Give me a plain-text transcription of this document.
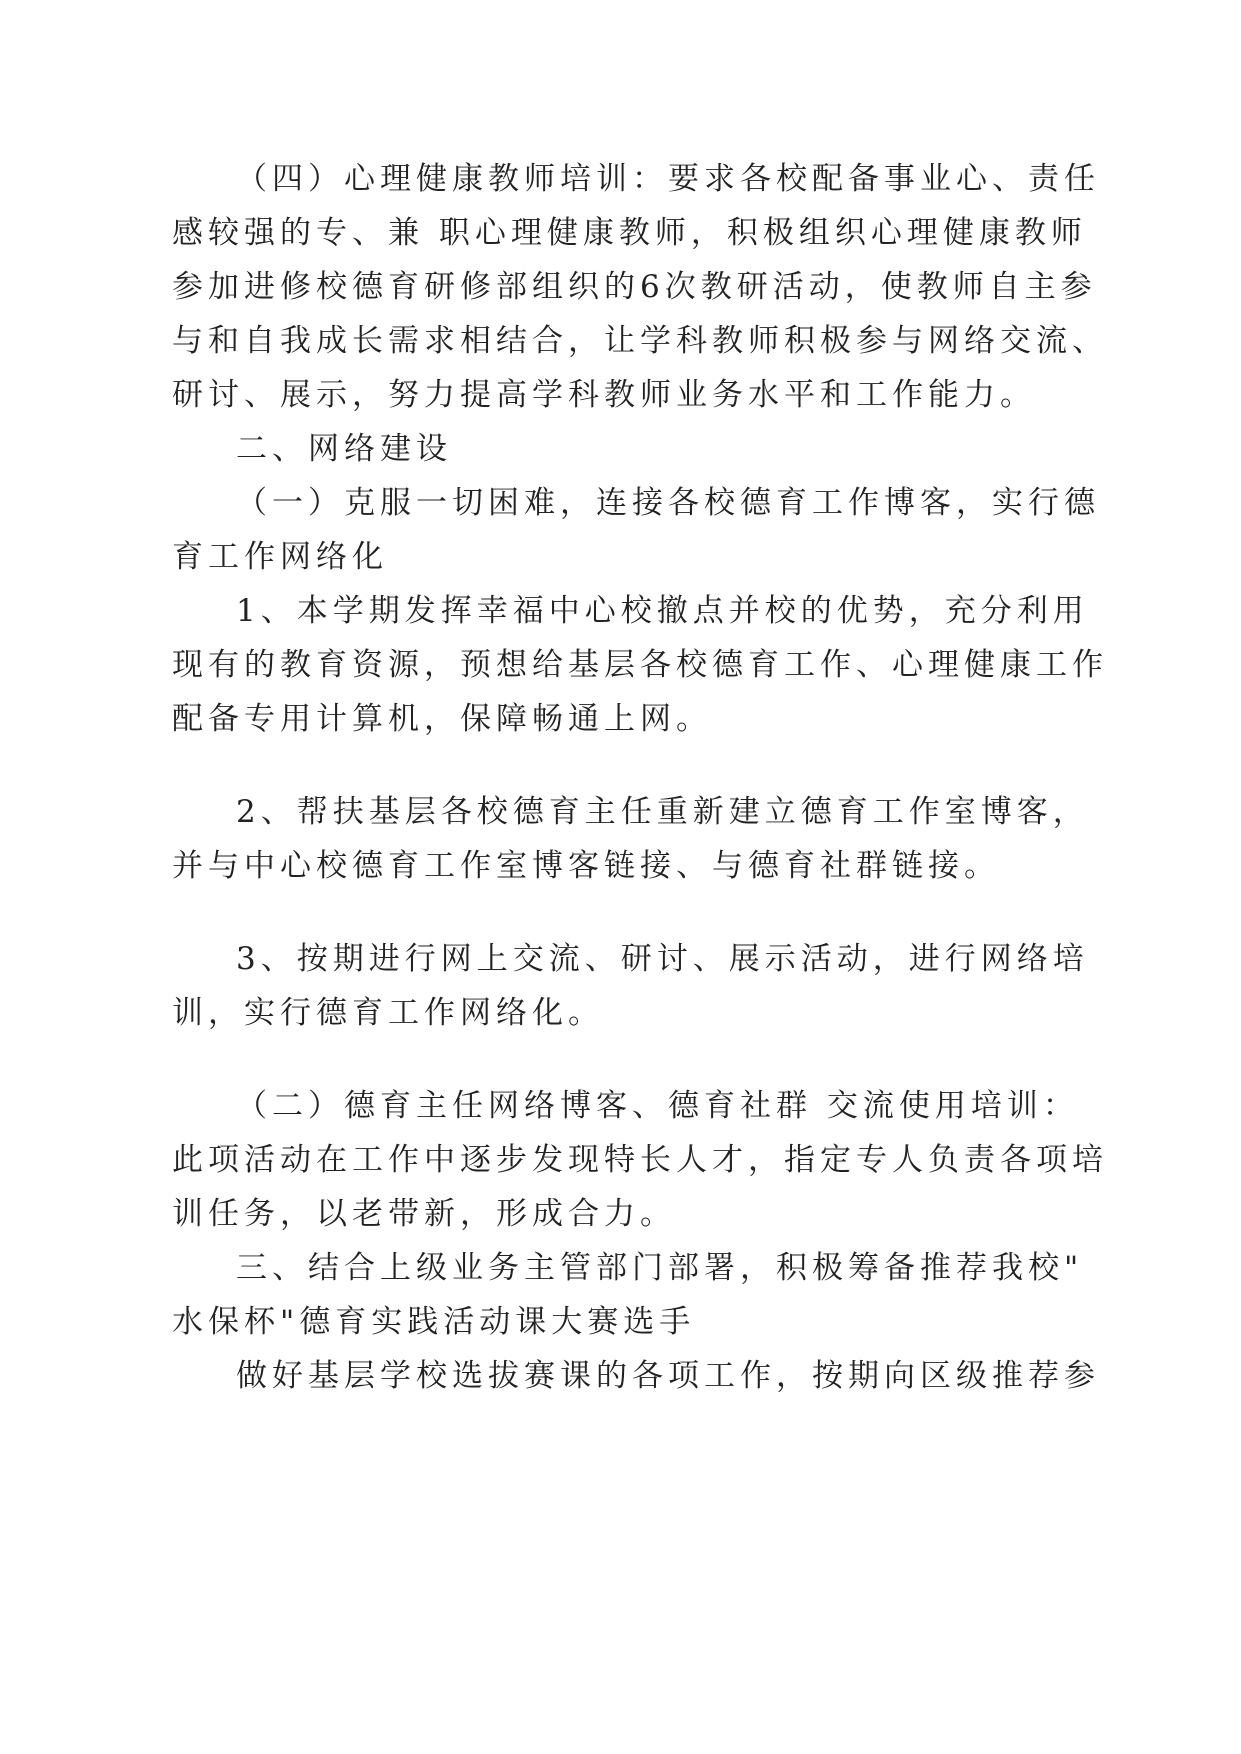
（四）心理健康教师培训：要求各校配备事业心、责任
感较强的专、兼 职心理健康教师，积极组织心理健康教师
参加进修校德育研修部组织的6次教研活动，使教师自主参
与和自我成长需求相结合，让学科教师积极参与网络交流、
研讨、展示，努力提高学科教师业务水平和工作能力。
二、网络建设
（一）克服一切困难，连接各校德育工作博客，实行德
育工作网络化
1、本学期发挥幸福中心校撤点并校的优势，充分利用
现有的教育资源，预想给基层各校德育工作、心理健康工作
配备专用计算机，保障畅通上网。
2、帮扶基层各校德育主任重新建立德育工作室博客，
并与中心校德育工作室博客链接、与德育社群链接。
3、按期进行网上交流、研讨、展示活动，进行网络培
训，实行德育工作网络化。
（二）德育主任网络博客、德育社群 交流使用培训：
此项活动在工作中逐步发现特长人才，指定专人负责各项培
训任务，以老带新，形成合力。
三、结合上级业务主管部门部署，积极筹备推荐我校"
水保杯"德育实践活动课大赛选手
做好基层学校选拔赛课的各项工作，按期向区级推荐参
